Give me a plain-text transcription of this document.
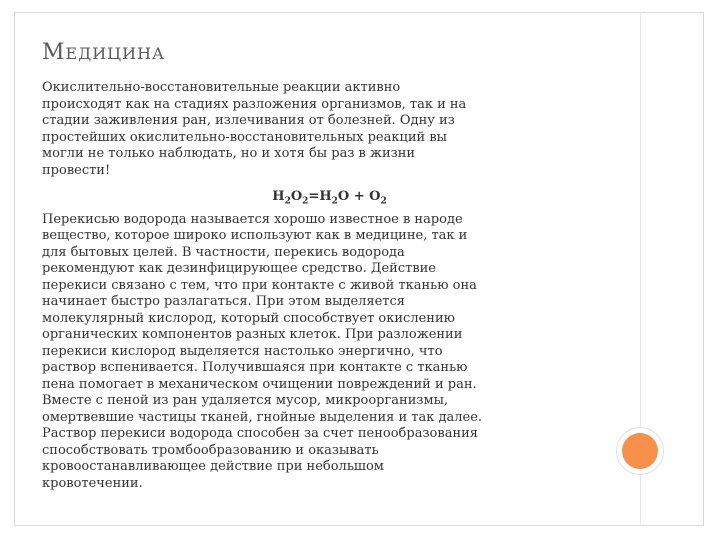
МЕДИЦИНА

Окислительно-восстановительные реакции активно
происходят как на стадиях разложения организмов, так и на
стадии заживления ран, излечивания от болезней. Одну из
простейших окислительно-восстановительных реакций вы
могли не только наблюдать, но и хотя бы раз в жизни
провести!

$H_2O_2=H_2O + O_2$

Перекисью водорода называется хорошо известное в народе
вещество, которое широко используют как в медицине, так и
для бытовых целей. В частности, перекись водорода
рекомендуют как дезинфицирующее средство. Действие
перекиси связано с тем, что при контакте с живой тканью она
начинает быстро разлагаться. При этом выделяется
молекулярный кислород, который способствует окислению
органических компонентов разных клеток. При разложении
перекиси кислород выделяется настолько энергично, что
раствор вспенивается. Получившаяся при контакте с тканью
пена помогает в механическом очищении повреждений и ран.
Вместе с пеной из ран удаляется мусор, микроорганизмы,
омертвевшие частицы тканей, гнойные выделения и так далее.
Раствор перекиси водорода способен за счет пенообразования
способствовать тромбообразованию и оказывать
кровоостанавливающее действие при небольшом
кровотечении.
